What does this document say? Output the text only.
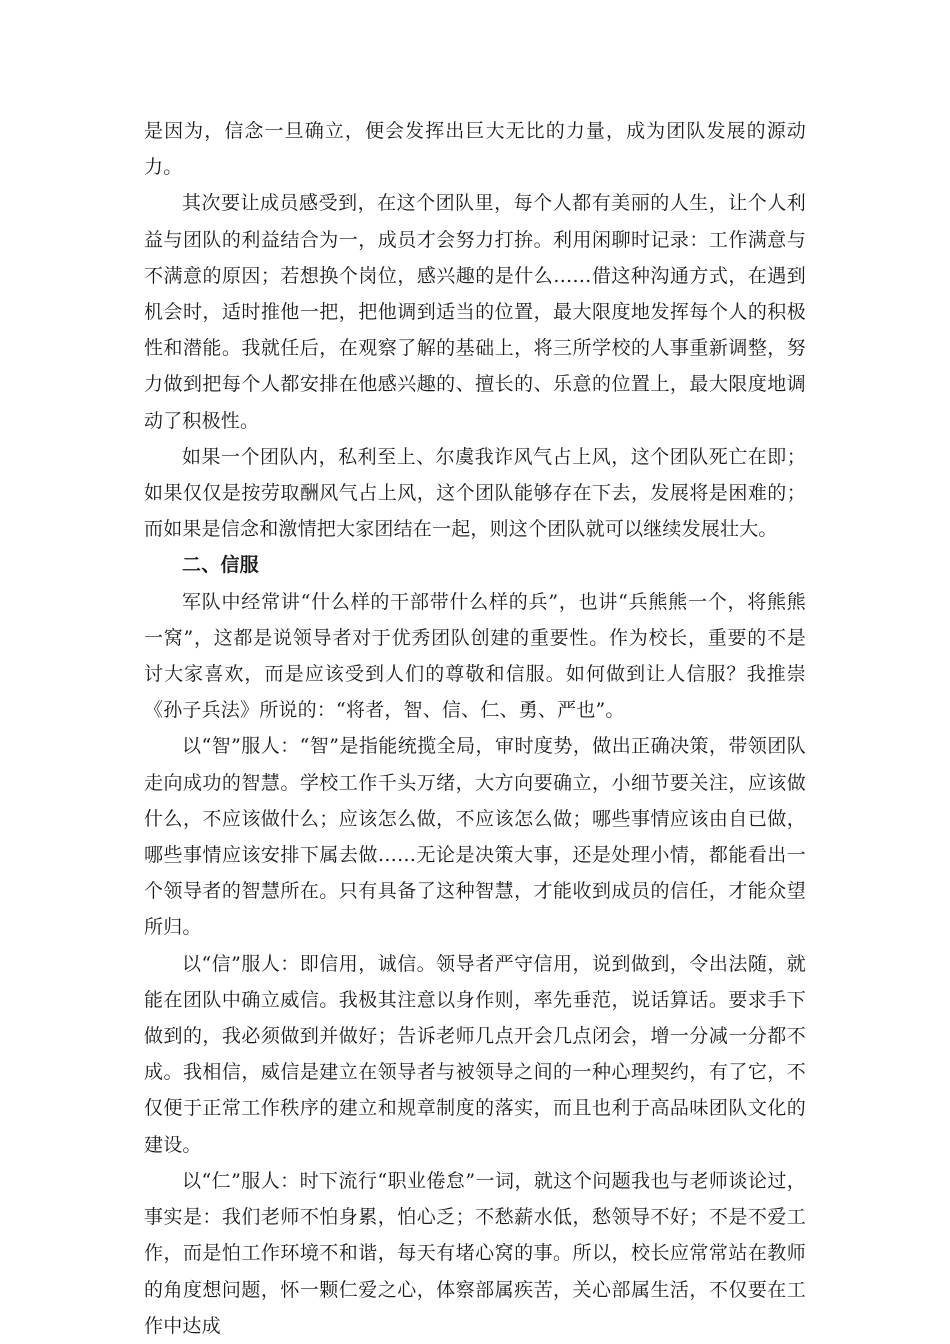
是因为，信念一旦确立，便会发挥出巨大无比的力量，成为团队发展的源动力。

其次要让成员感受到，在这个团队里，每个人都有美丽的人生，让个人利益与团队的利益结合为一，成员才会努力打拚。利用闲聊时记录：工作满意与不满意的原因；若想换个岗位，感兴趣的是什么……借这种沟通方式，在遇到机会时，适时推他一把，把他调到适当的位置，最大限度地发挥每个人的积极性和潜能。我就任后，在观察了解的基础上，将三所学校的人事重新调整，努力做到把每个人都安排在他感兴趣的、擅长的、乐意的位置上，最大限度地调动了积极性。

如果一个团队内，私利至上、尔虞我诈风气占上风，这个团队死亡在即；如果仅仅是按劳取酬风气占上风，这个团队能够存在下去，发展将是困难的；而如果是信念和激情把大家团结在一起，则这个团队就可以继续发展壮大。

二、信服

军队中经常讲“什么样的干部带什么样的兵”，也讲“兵熊熊一个，将熊熊一窝”，这都是说领导者对于优秀团队创建的重要性。作为校长，重要的不是讨大家喜欢，而是应该受到人们的尊敬和信服。如何做到让人信服？我推崇《孙子兵法》所说的：“将者，智、信、仁、勇、严也”。

以“智”服人：“智”是指能统揽全局，审时度势，做出正确决策，带领团队走向成功的智慧。学校工作千头万绪，大方向要确立，小细节要关注，应该做什么，不应该做什么；应该怎么做，不应该怎么做；哪些事情应该由自已做，哪些事情应该安排下属去做……无论是决策大事，还是处理小情，都能看出一个领导者的智慧所在。只有具备了这种智慧，才能收到成员的信任，才能众望所归。

以“信”服人：即信用，诚信。领导者严守信用，说到做到，令出法随，就能在团队中确立威信。我极其注意以身作则，率先垂范，说话算话。要求手下做到的，我必须做到并做好；告诉老师几点开会几点闭会，增一分减一分都不成。我相信，威信是建立在领导者与被领导之间的一种心理契约，有了它，不仅便于正常工作秩序的建立和规章制度的落实，而且也利于高品味团队文化的建设。

以“仁”服人：时下流行“职业倦怠”一词，就这个问题我也与老师谈论过，事实是：我们老师不怕身累，怕心乏；不愁薪水低，愁领导不好；不是不爱工作，而是怕工作环境不和谐，每天有堵心窝的事。所以，校长应常常站在教师的角度想问题，怀一颗仁爱之心，体察部属疾苦，关心部属生活，不仅要在工作中达成
